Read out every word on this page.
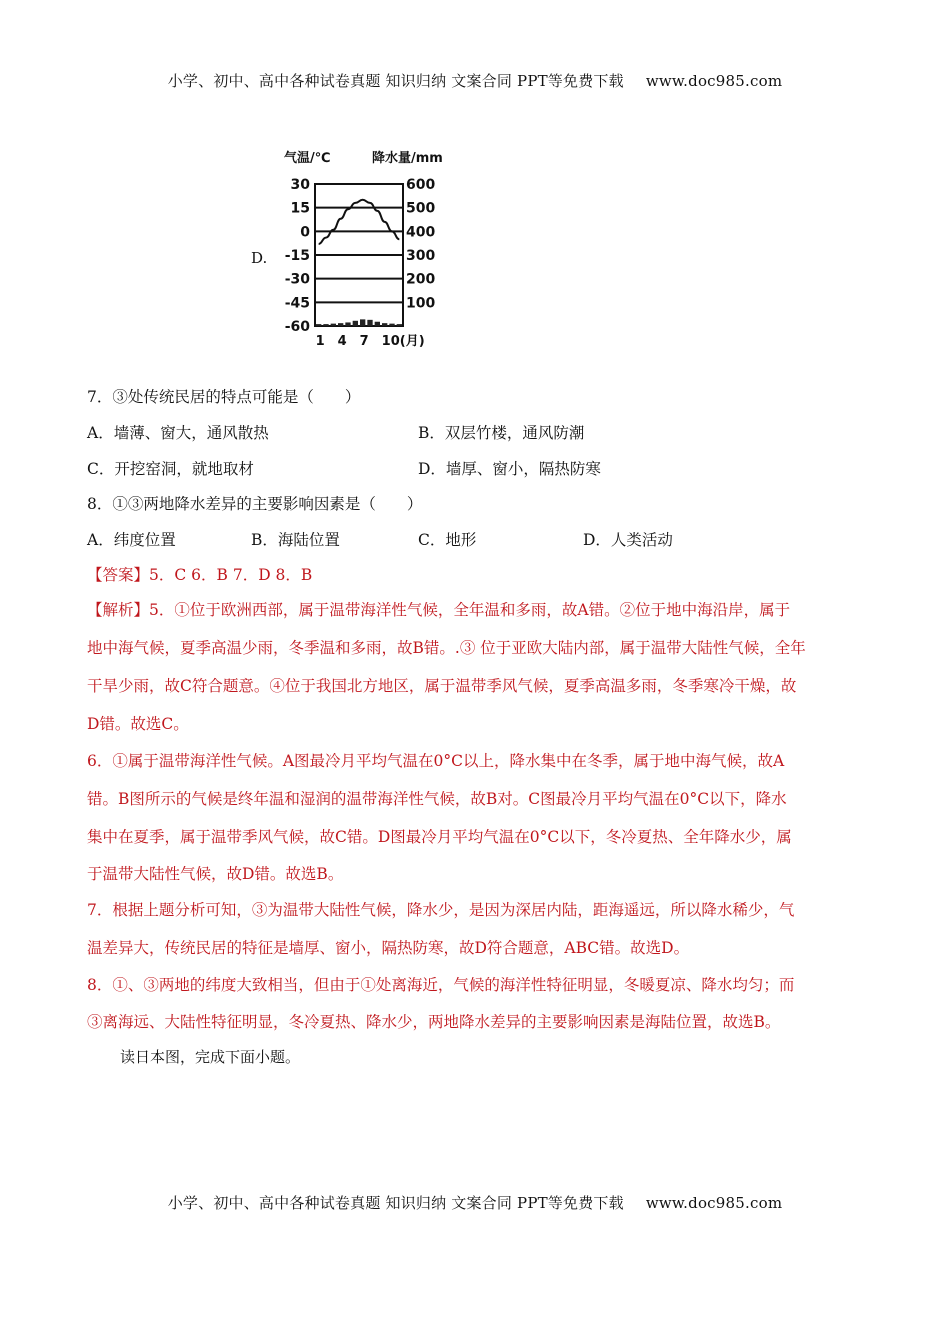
小学、初中、高中各种试卷真题 知识归纳 文案合同 PPT等免费下载 www.doc985.com
D.
气温/℃	降水量/mm
30
15
0
-15
-30
-45
-60
600
500
400
300
200
100
1 4 7 10(月)
7．③处传统民居的特点可能是（　　）
A．墙薄、窗大，通风散热	B．双层竹楼，通风防潮
C．开挖窑洞，就地取材	D．墙厚、窗小，隔热防寒
8．①③两地降水差异的主要影响因素是（　　）
A．纬度位置	B．海陆位置	C．地形	D．人类活动
【答案】5．C 6．B 7．D 8．B
【解析】5．①位于欧洲西部，属于温带海洋性气候，全年温和多雨，故A错。②位于地中海沿岸，属于
地中海气候，夏季高温少雨，冬季温和多雨，故B错。.③ 位于亚欧大陆内部，属于温带大陆性气候，全年
干旱少雨，故C符合题意。④位于我国北方地区，属于温带季风气候，夏季高温多雨，冬季寒冷干燥，故
D错。故选C。
6．①属于温带海洋性气候。A图最冷月平均气温在0°C以上，降水集中在冬季，属于地中海气候，故A
错。B图所示的气候是终年温和湿润的温带海洋性气候，故B对。C图最冷月平均气温在0°C以下，降水
集中在夏季，属于温带季风气候，故C错。D图最冷月平均气温在0°C以下，冬冷夏热、全年降水少，属
于温带大陆性气候，故D错。故选B。
7．根据上题分析可知，③为温带大陆性气候，降水少，是因为深居内陆，距海遥远，所以降水稀少，气
温差异大，传统民居的特征是墙厚、窗小，隔热防寒，故D符合题意，ABC错。故选D。
8．①、③两地的纬度大致相当，但由于①处离海近，气候的海洋性特征明显，冬暖夏凉、降水均匀；而
③离海远、大陆性特征明显，冬冷夏热、降水少，两地降水差异的主要影响因素是海陆位置，故选B。
读日本图，完成下面小题。
小学、初中、高中各种试卷真题 知识归纳 文案合同 PPT等免费下载 www.doc985.com
